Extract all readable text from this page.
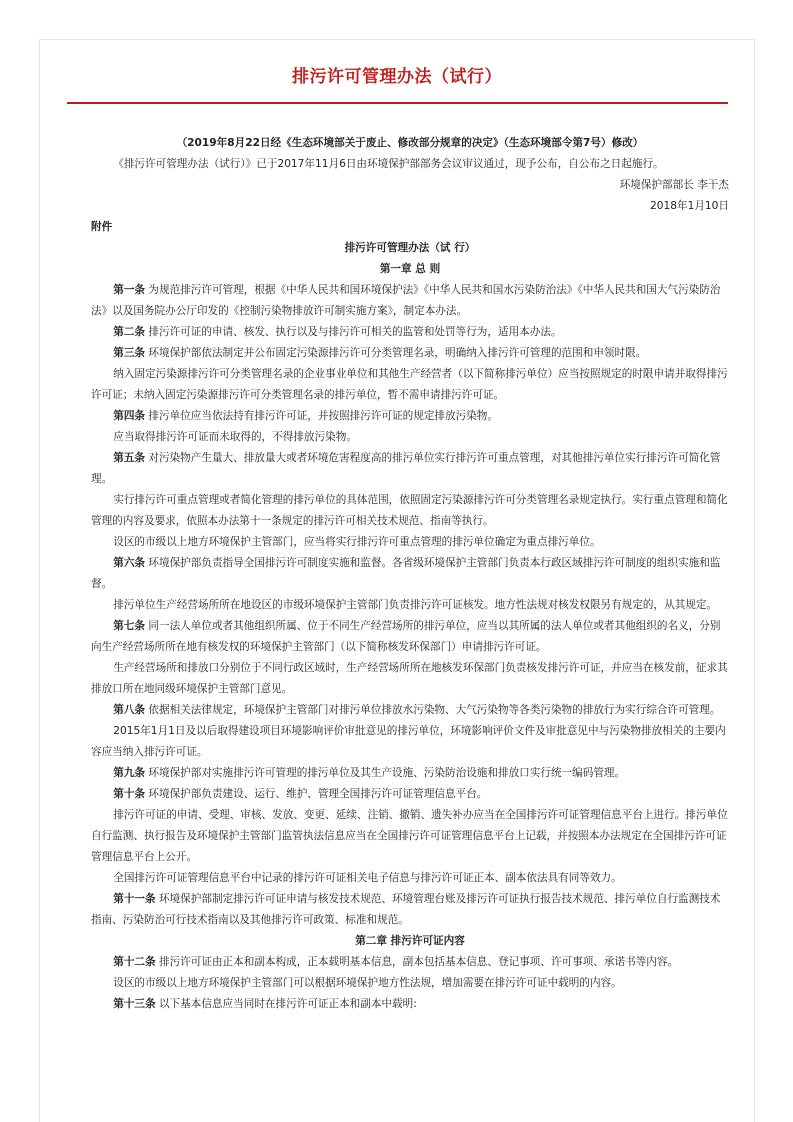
排污许可管理办法（试行）

（2019年8月22日经《生态环境部关于废止、修改部分规章的决定》（生态环境部令第7号）修改）

《排污许可管理办法（试行）》已于2017年11月6日由环境保护部部务会议审议通过，现予公布，自公布之日起施行。

环境保护部部长 李干杰

2018年1月10日

附件

排污许可管理办法（试 行）

第一章 总 则

第一条 为规范排污许可管理，根据《中华人民共和国环境保护法》《中华人民共和国水污染防治法》《中华人民共和国大气污染防治法》以及国务院办公厅印发的《控制污染物排放许可制实施方案》，制定本办法。

第二条 排污许可证的申请、核发、执行以及与排污许可相关的监管和处罚等行为，适用本办法。

第三条 环境保护部依法制定并公布固定污染源排污许可分类管理名录，明确纳入排污许可管理的范围和申领时限。

纳入固定污染源排污许可分类管理名录的企业事业单位和其他生产经营者（以下简称排污单位）应当按照规定的时限申请并取得排污许可证；未纳入固定污染源排污许可分类管理名录的排污单位，暂不需申请排污许可证。

第四条 排污单位应当依法持有排污许可证，并按照排污许可证的规定排放污染物。

应当取得排污许可证而未取得的，不得排放污染物。

第五条 对污染物产生量大、排放量大或者环境危害程度高的排污单位实行排污许可重点管理，对其他排污单位实行排污许可简化管理。

实行排污许可重点管理或者简化管理的排污单位的具体范围，依照固定污染源排污许可分类管理名录规定执行。实行重点管理和简化管理的内容及要求，依照本办法第十一条规定的排污许可相关技术规范、指南等执行。

设区的市级以上地方环境保护主管部门，应当将实行排污许可重点管理的排污单位确定为重点排污单位。

第六条 环境保护部负责指导全国排污许可制度实施和监督。各省级环境保护主管部门负责本行政区域排污许可制度的组织实施和监督。

排污单位生产经营场所所在地设区的市级环境保护主管部门负责排污许可证核发。地方性法规对核发权限另有规定的，从其规定。

第七条 同一法人单位或者其他组织所属、位于不同生产经营场所的排污单位，应当以其所属的法人单位或者其他组织的名义，分别向生产经营场所所在地有核发权的环境保护主管部门（以下简称核发环保部门）申请排污许可证。

生产经营场所和排放口分别位于不同行政区域时，生产经营场所所在地核发环保部门负责核发排污许可证，并应当在核发前，征求其排放口所在地同级环境保护主管部门意见。

第八条 依据相关法律规定，环境保护主管部门对排污单位排放水污染物、大气污染物等各类污染物的排放行为实行综合许可管理。

2015年1月1日及以后取得建设项目环境影响评价审批意见的排污单位，环境影响评价文件及审批意见中与污染物排放相关的主要内容应当纳入排污许可证。

第九条 环境保护部对实施排污许可管理的排污单位及其生产设施、污染防治设施和排放口实行统一编码管理。

第十条 环境保护部负责建设、运行、维护、管理全国排污许可证管理信息平台。

排污许可证的申请、受理、审核、发放、变更、延续、注销、撤销、遗失补办应当在全国排污许可证管理信息平台上进行。排污单位自行监测、执行报告及环境保护主管部门监管执法信息应当在全国排污许可证管理信息平台上记载，并按照本办法规定在全国排污许可证管理信息平台上公开。

全国排污许可证管理信息平台中记录的排污许可证相关电子信息与排污许可证正本、副本依法具有同等效力。

第十一条 环境保护部制定排污许可证申请与核发技术规范、环境管理台账及排污许可证执行报告技术规范、排污单位自行监测技术指南、污染防治可行技术指南以及其他排污许可政策、标准和规范。

第二章 排污许可证内容

第十二条 排污许可证由正本和副本构成，正本载明基本信息，副本包括基本信息、登记事项、许可事项、承诺书等内容。

设区的市级以上地方环境保护主管部门可以根据环境保护地方性法规，增加需要在排污许可证中载明的内容。

第十三条 以下基本信息应当同时在排污许可证正本和副本中载明:
